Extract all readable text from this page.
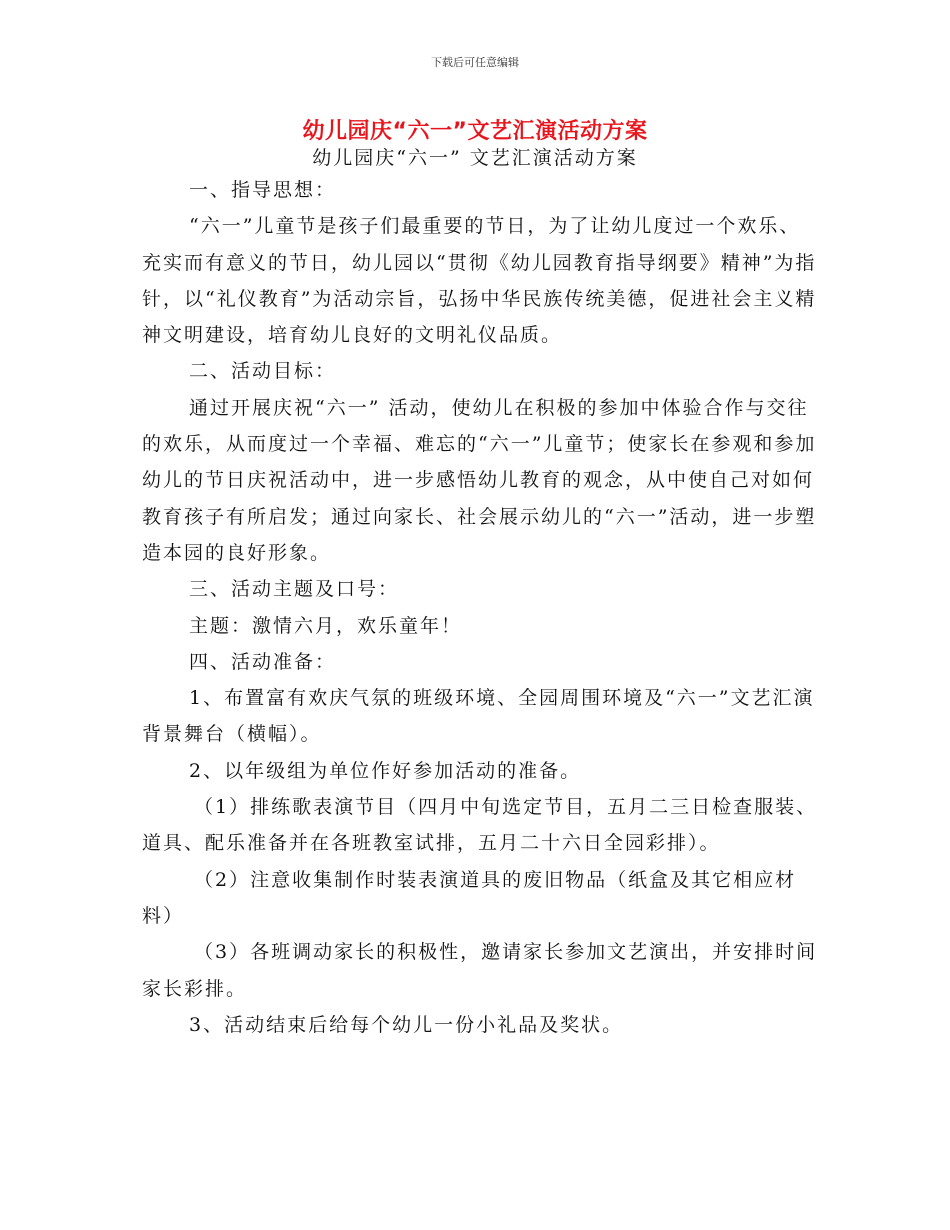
下载后可任意编辑
幼儿园庆“六一”文艺汇演活动方案
幼儿园庆“六一” 文艺汇演活动方案

一、指导思想：

“六一”儿童节是孩子们最重要的节日，为了让幼儿度过一个欢乐、充实而有意义的节日，幼儿园以“贯彻《幼儿园教育指导纲要》精神”为指针，以“礼仪教育”为活动宗旨，弘扬中华民族传统美德，促进社会主义精神文明建设，培育幼儿良好的文明礼仪品质。

二、活动目标：

通过开展庆祝“六一” 活动，使幼儿在积极的参加中体验合作与交往的欢乐，从而度过一个幸福、难忘的“六一”儿童节；使家长在参观和参加幼儿的节日庆祝活动中，进一步感悟幼儿教育的观念，从中使自己对如何教育孩子有所启发；通过向家长、社会展示幼儿的“六一”活动，进一步塑造本园的良好形象。

三、活动主题及口号：

主题：激情六月，欢乐童年！

四、活动准备：

1、布置富有欢庆气氛的班级环境、全园周围环境及“六一”文艺汇演背景舞台（横幅）。

2、以年级组为单位作好参加活动的准备。

（1）排练歌表演节目（四月中旬选定节目，五月二三日检查服装、道具、配乐准备并在各班教室试排，五月二十六日全园彩排）。

（2）注意收集制作时装表演道具的废旧物品（纸盒及其它相应材料）

（3）各班调动家长的积极性，邀请家长参加文艺演出，并安排时间家长彩排。

3、活动结束后给每个幼儿一份小礼品及奖状。
